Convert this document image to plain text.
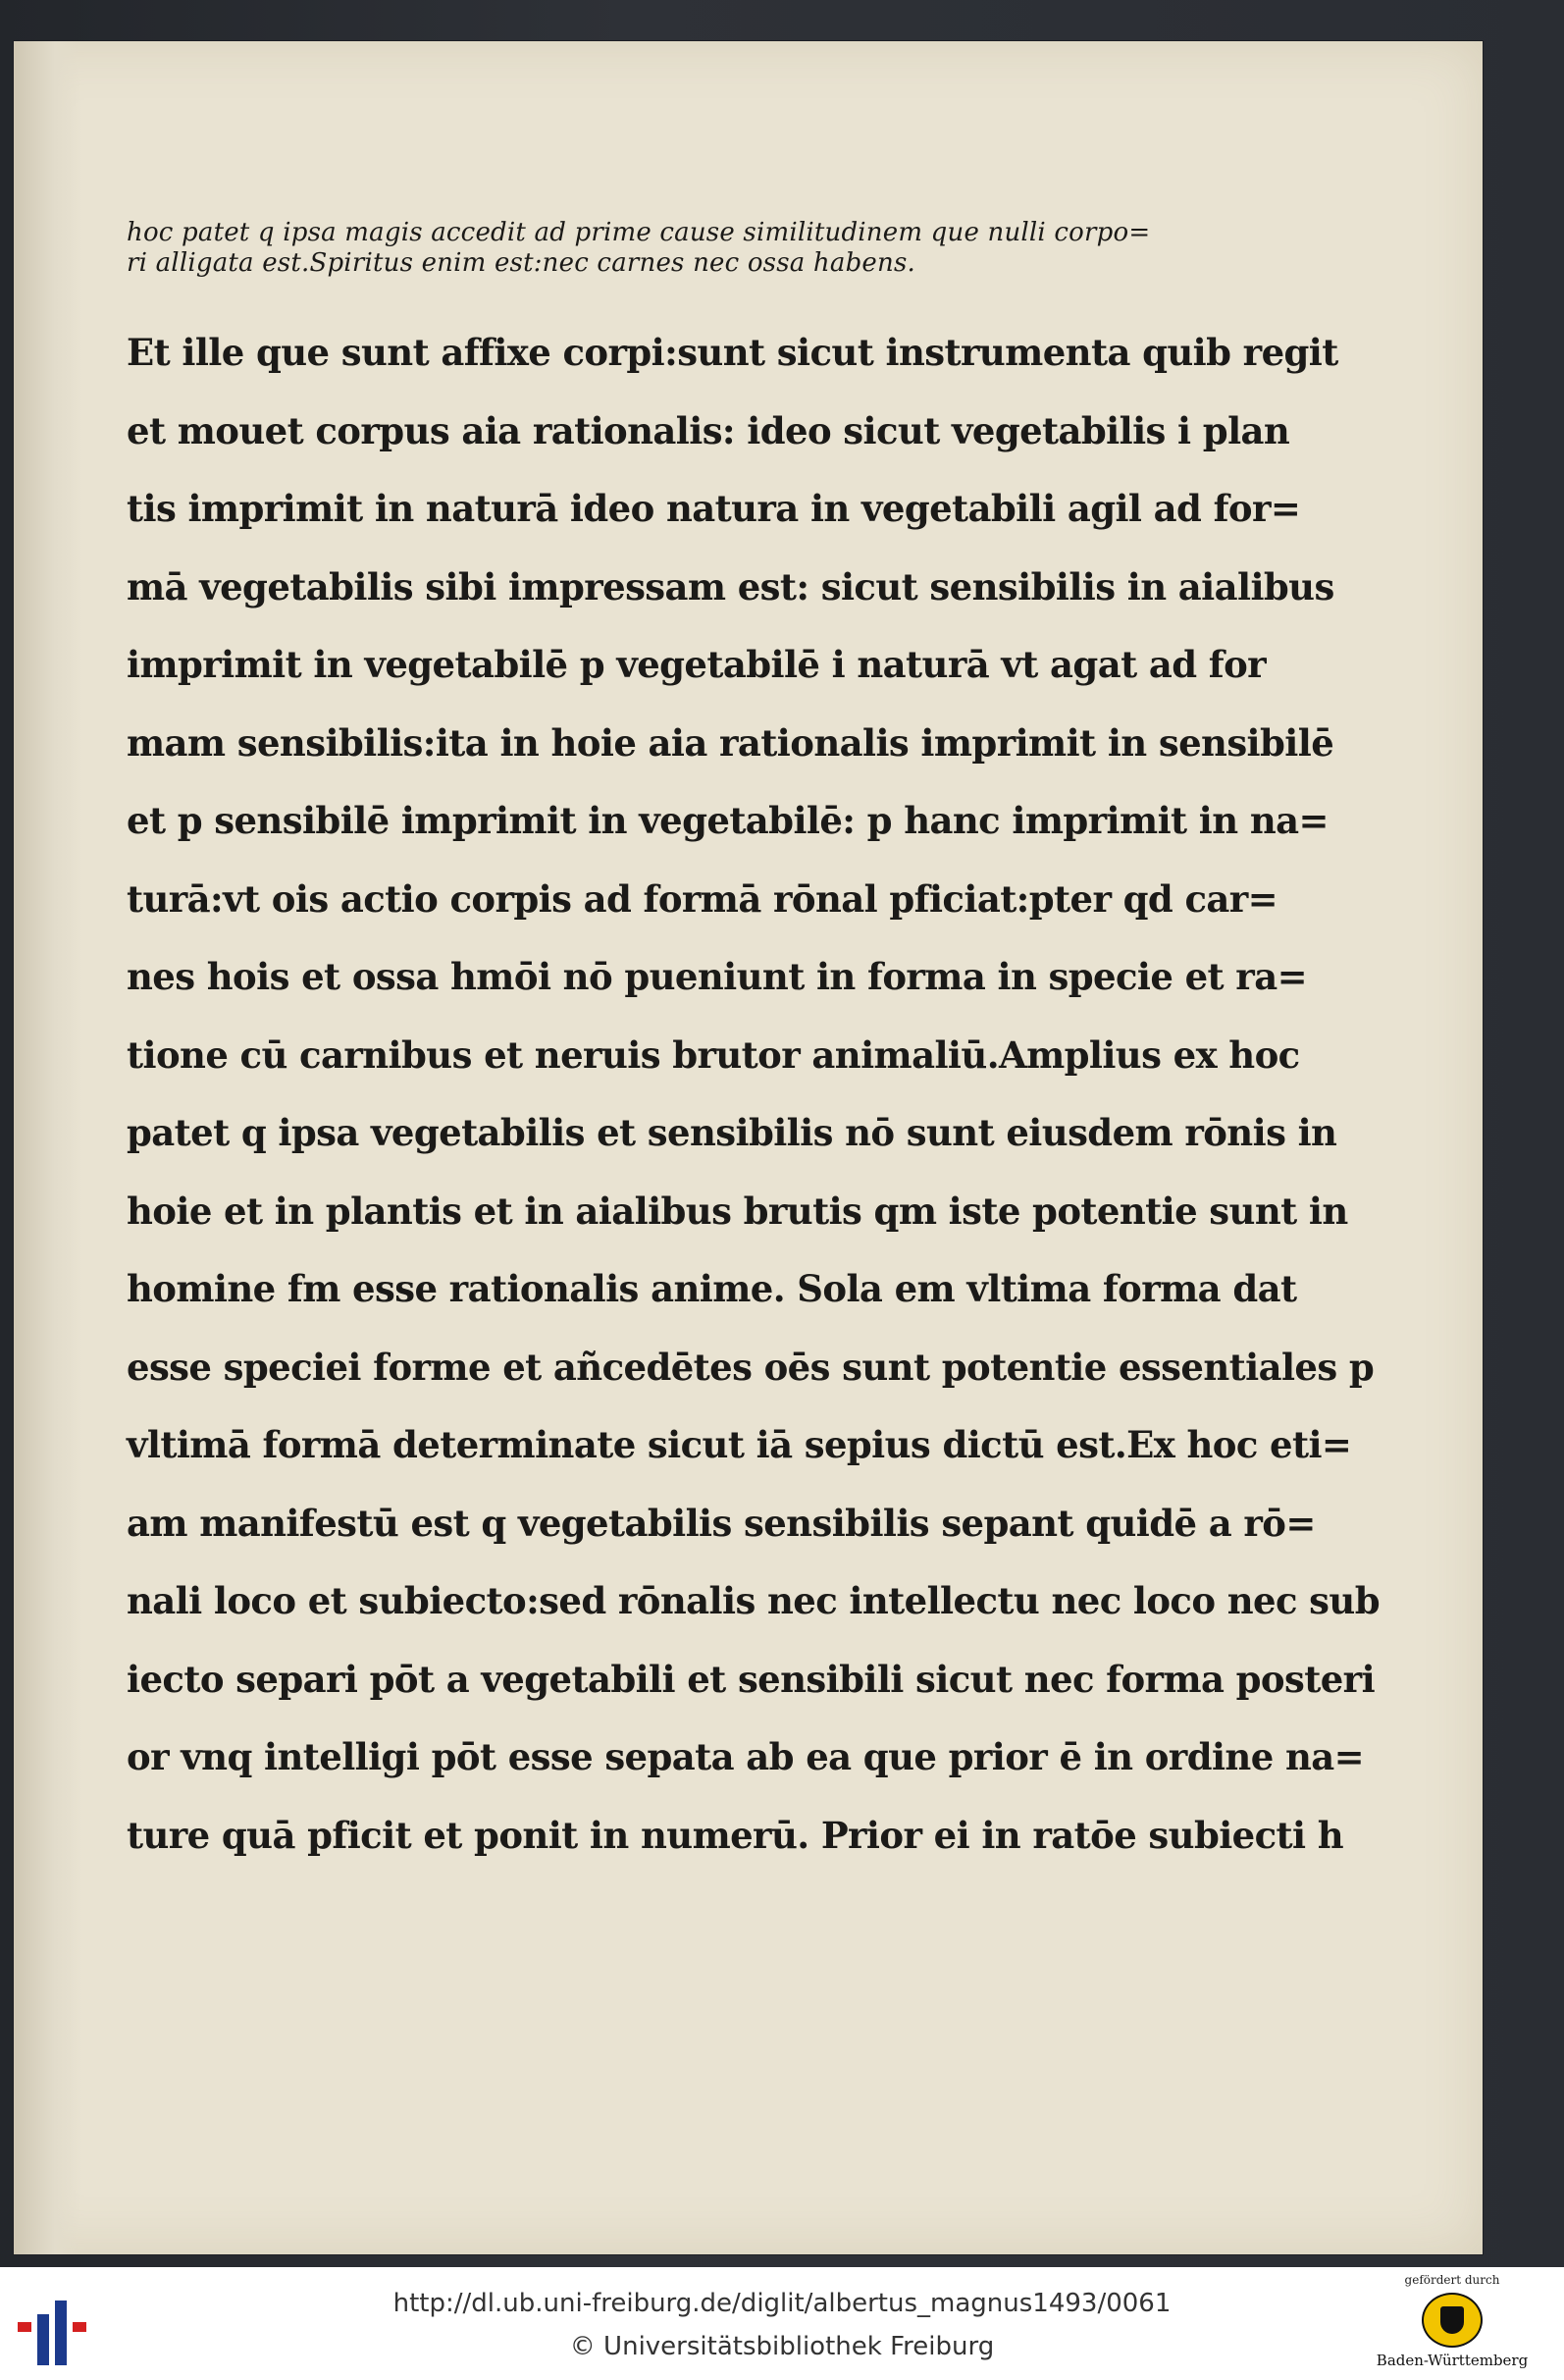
hoc patet q ipsa magis accedit ad prime cause similitudinem que nulli corpo=
ri alligata est.Spiritus enim est:nec carnes nec ossa habens.
Et ille que sunt affixe corpi:sunt sicut instrumenta quib regit
et mouet corpus aia rationalis: ideo sicut vegetabilis i plan
tis imprimit in naturā ideo natura in vegetabili agil ad for=
mā vegetabilis sibi impressam est: sicut sensibilis in aialibus
imprimit in vegetabilē p vegetabilē i naturā vt agat ad for
mam sensibilis:ita in hoie aia rationalis imprimit in sensibilē
et p sensibilē imprimit in vegetabilē: p hanc imprimit in na=
turā:vt ois actio corpis ad formā rōnal pficiat:pter qd car=
nes hois et ossa hmōi nō pueniunt in forma in specie et ra=
tione cū carnibus et neruis brutor animaliū.Amplius ex hoc
patet q ipsa vegetabilis et sensibilis nō sunt eiusdem rōnis in
hoie et in plantis et in aialibus brutis qm iste potentie sunt in
homine fm esse rationalis anime. Sola em vltima forma dat
esse speciei forme et añcedētes oēs sunt potentie essentiales p
vltimā formā determinate sicut iā sepius dictū est.Ex hoc eti=
am manifestū est q vegetabilis sensibilis sepant quidē a rō=
nali loco et subiecto:sed rōnalis nec intellectu nec loco nec sub
iecto separi pōt a vegetabili et sensibili sicut nec forma posteri
or vnq intelligi pōt esse sepata ab ea que prior ē in ordine na=
ture quā pficit et ponit in numerū. Prior ei in ratōe subiecti h
http://dl.ub.uni-freiburg.de/diglit/albertus_magnus1493/0061
© Universitätsbibliothek Freiburg
gefördert durch
Baden-Württemberg
